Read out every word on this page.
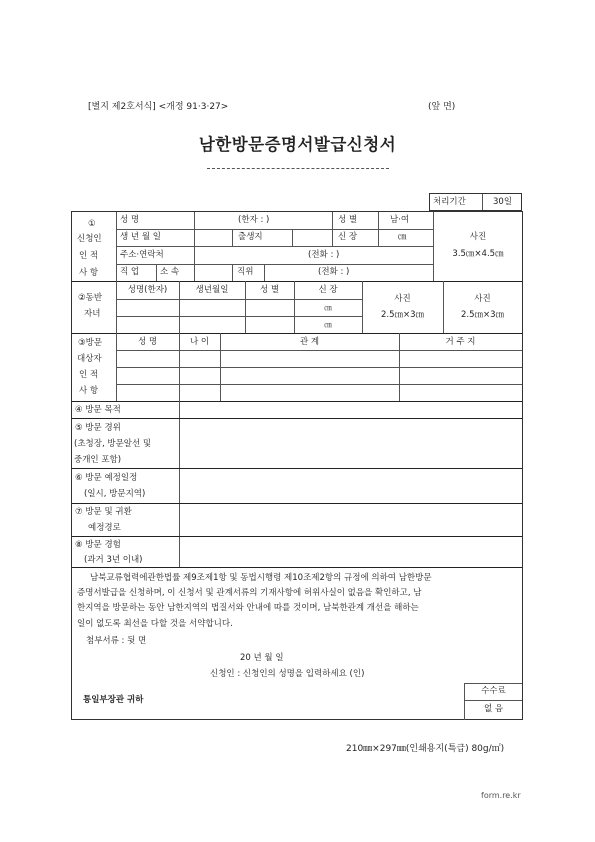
[별지 제2호서식] <개정 91·3·27>	(앞 면)
남한방문증명서발급신청서
처리기간	30일
①
신청인
인 적
사 항
성 명	(한자 : )	성 별	남·여
생 년 월 일	출생지	신 장	㎝
주소·연락처	(전화 : )
직 업 소 속	직위	(전화 : )
사진
3.5㎝×4.5㎝
②동반
자녀
성명(한자)	생년월일	성 별	신 장
㎝
㎝
사진
2.5㎝×3㎝
사진
2.5㎝×3㎝
③방문
대상자
인 적
사 항
성 명	나 이	관 계	거 주 지
④ 방문 목적
⑤ 방문 경위
(초청장, 방문알선 및
중개인 포함)
⑥ 방문 예정일정
(일시, 방문지역)
⑦ 방문 및 귀환
예정경로
⑧ 방문 경험
(과거 3년 이내)
남북교류협력에관한법률 제9조제1항 및 동법시행령 제10조제2항의 규정에 의하여 남한방문
증명서발급을 신청하며, 이 신청서 및 관계서류의 기재사항에 허위사실이 없음을 확인하고, 남
한지역을 방문하는 동안 남한지역의 법질서와 안내에 따를 것이며, 남북한관계 개선을 해하는
일이 없도록 최선을 다할 것을 서약합니다.
첨부서류 : 뒷 면
20 년 월 일
신청인 : 신청인의 성명을 입력하세요 (인)
통일부장관 귀하
수수료
없 음
210㎜×297㎜(인쇄용지(특급) 80g/㎡)
form.re.kr
